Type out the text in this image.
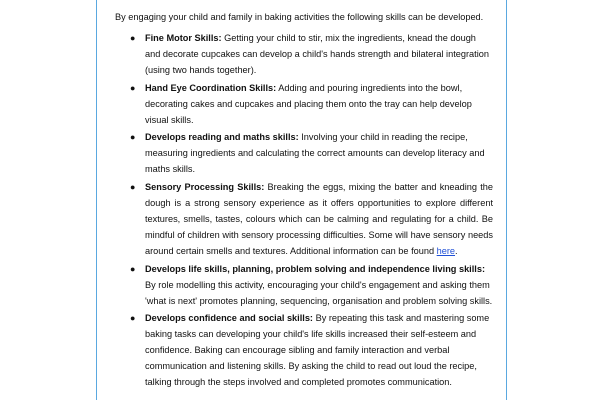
By engaging your child and family in baking activities the following skills can be developed.

● Fine Motor Skills: Getting your child to stir, mix the ingredients, knead the dough and decorate cupcakes can develop a child's hands strength and bilateral integration (using two hands together).
● Hand Eye Coordination Skills: Adding and pouring ingredients into the bowl, decorating cakes and cupcakes and placing them onto the tray can help develop visual skills.
● Develops reading and maths skills: Involving your child in reading the recipe, measuring ingredients and calculating the correct amounts can develop literacy and maths skills.
● Sensory Processing Skills: Breaking the eggs, mixing the batter and kneading the dough is a strong sensory experience as it offers opportunities to explore different textures, smells, tastes, colours which can be calming and regulating for a child. Be mindful of children with sensory processing difficulties. Some will have sensory needs around certain smells and textures. Additional information can be found here.
● Develops life skills, planning, problem solving and independence living skills: By role modelling this activity, encouraging your child's engagement and asking them 'what is next' promotes planning, sequencing, organisation and problem solving skills.
● Develops confidence and social skills: By repeating this task and mastering some baking tasks can developing your child's life skills increased their self-esteem and confidence. Baking can encourage sibling and family interaction and verbal communication and listening skills. By asking the child to read out loud the recipe, talking through the steps involved and completed promotes communication.
